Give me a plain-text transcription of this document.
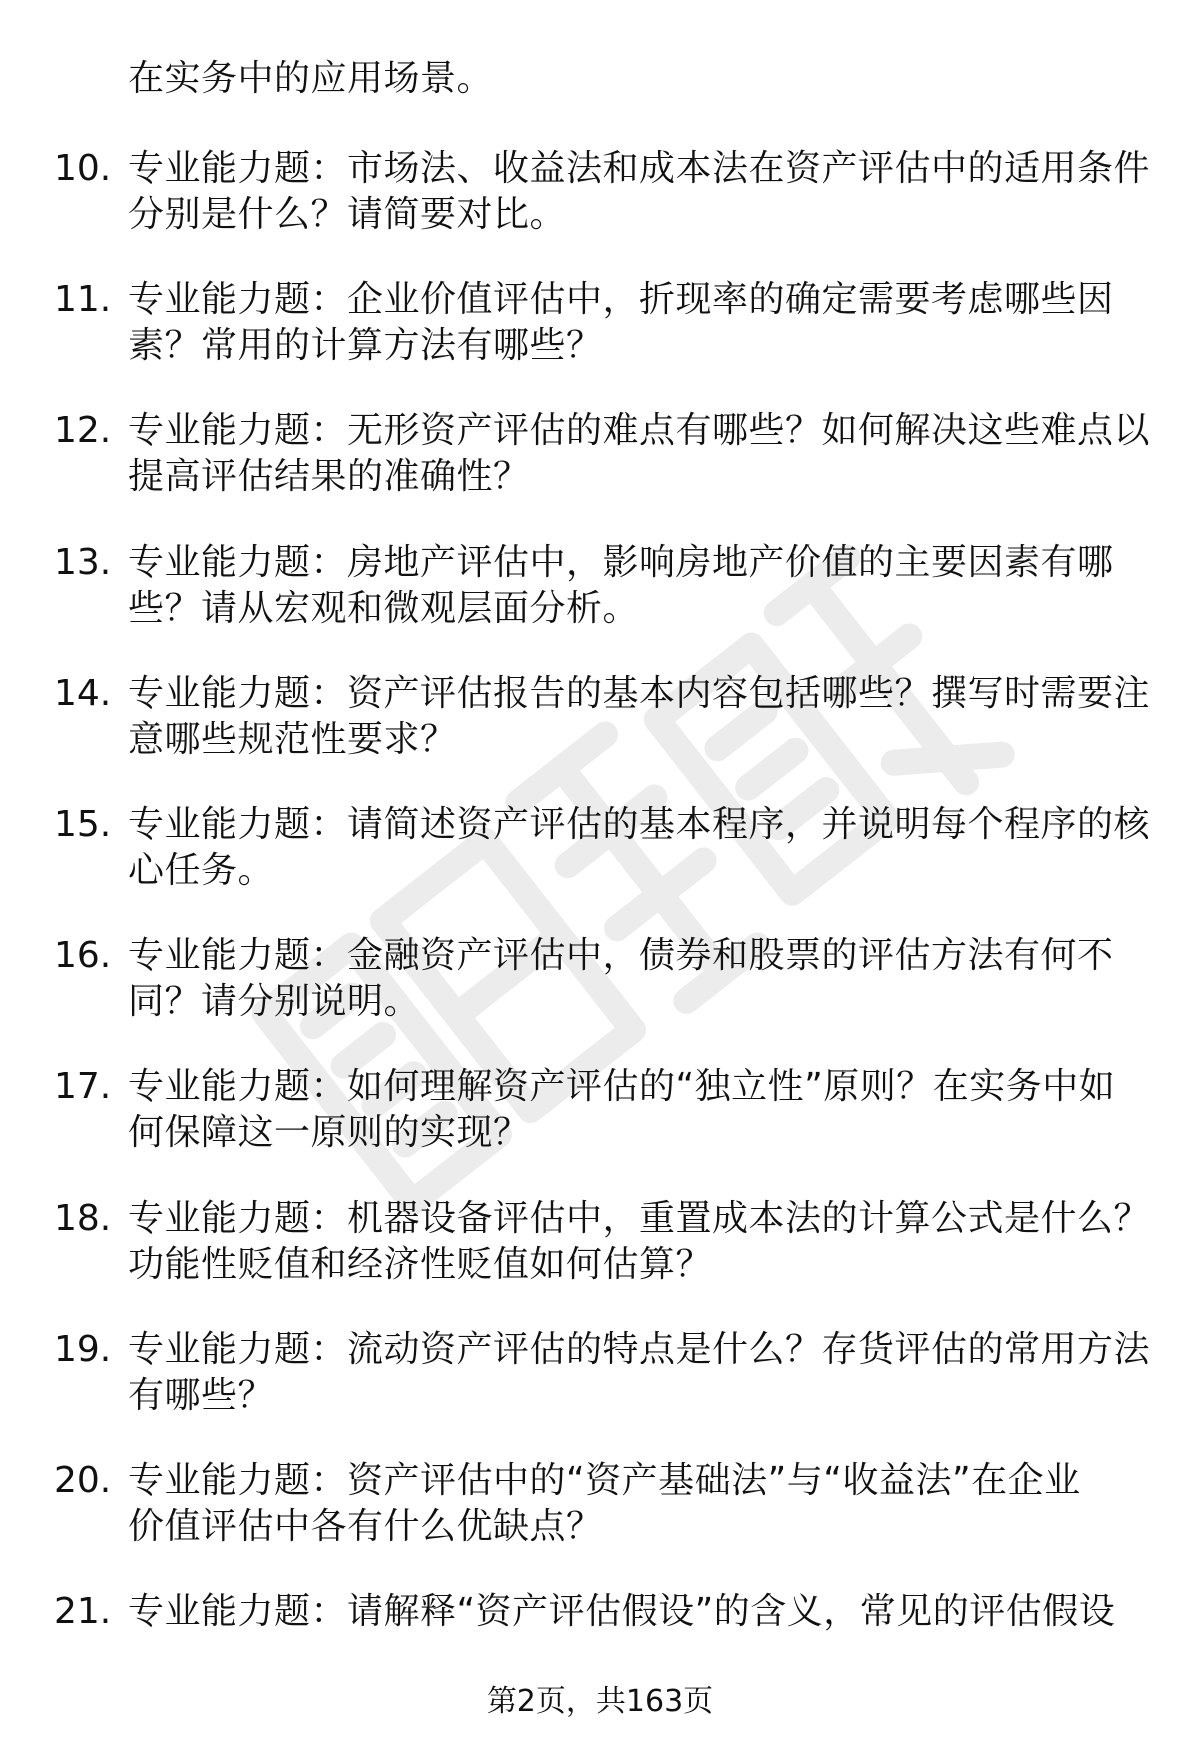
在实务中的应用场景。
10. 专业能力题：市场法、收益法和成本法在资产评估中的适用条件
分别是什么？请简要对比。
11. 专业能力题：企业价值评估中，折现率的确定需要考虑哪些因
素？常用的计算方法有哪些？
12. 专业能力题：无形资产评估的难点有哪些？如何解决这些难点以
提高评估结果的准确性？
13. 专业能力题：房地产评估中，影响房地产价值的主要因素有哪
些？请从宏观和微观层面分析。
14. 专业能力题：资产评估报告的基本内容包括哪些？撰写时需要注
意哪些规范性要求？
15. 专业能力题：请简述资产评估的基本程序，并说明每个程序的核
心任务。
16. 专业能力题：金融资产评估中，债券和股票的评估方法有何不
同？请分别说明。
17. 专业能力题：如何理解资产评估的“独立性”原则？在实务中如
何保障这一原则的实现？
18. 专业能力题：机器设备评估中，重置成本法的计算公式是什么？
功能性贬值和经济性贬值如何估算？
19. 专业能力题：流动资产评估的特点是什么？存货评估的常用方法
有哪些？
20. 专业能力题：资产评估中的“资产基础法”与“收益法”在企业
价值评估中各有什么优缺点？
21. 专业能力题：请解释“资产评估假设”的含义，常见的评估假设
第2页，共163页
